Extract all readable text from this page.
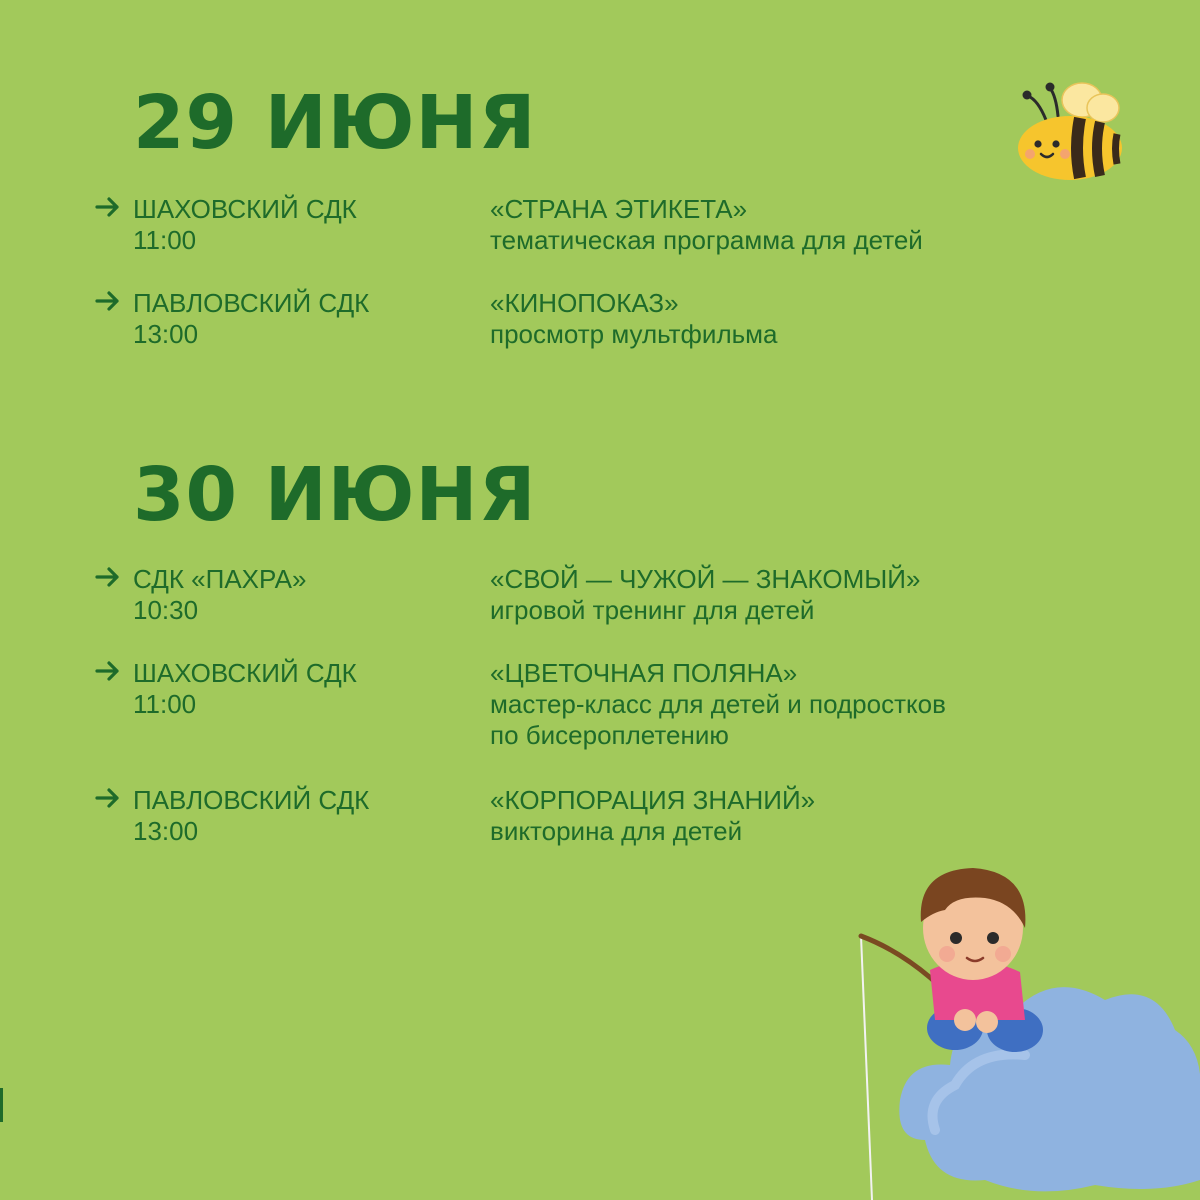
29 ИЮНЯ
ШАХОВСКИЙ СДК
11:00
«СТРАНА ЭТИКЕТА»
тематическая программа для детей
ПАВЛОВСКИЙ СДК
13:00
«КИНОПОКАЗ»
просмотр мультфильма
30 ИЮНЯ
СДК «ПАХРА»
10:30
«СВОЙ — ЧУЖОЙ — ЗНАКОМЫЙ»
игровой тренинг для детей
ШАХОВСКИЙ СДК
11:00
«ЦВЕТОЧНАЯ ПОЛЯНА»
мастер-класс для детей и подростков
по бисероплетению
ПАВЛОВСКИЙ СДК
13:00
«КОРПОРАЦИЯ ЗНАНИЙ»
викторина для детей
